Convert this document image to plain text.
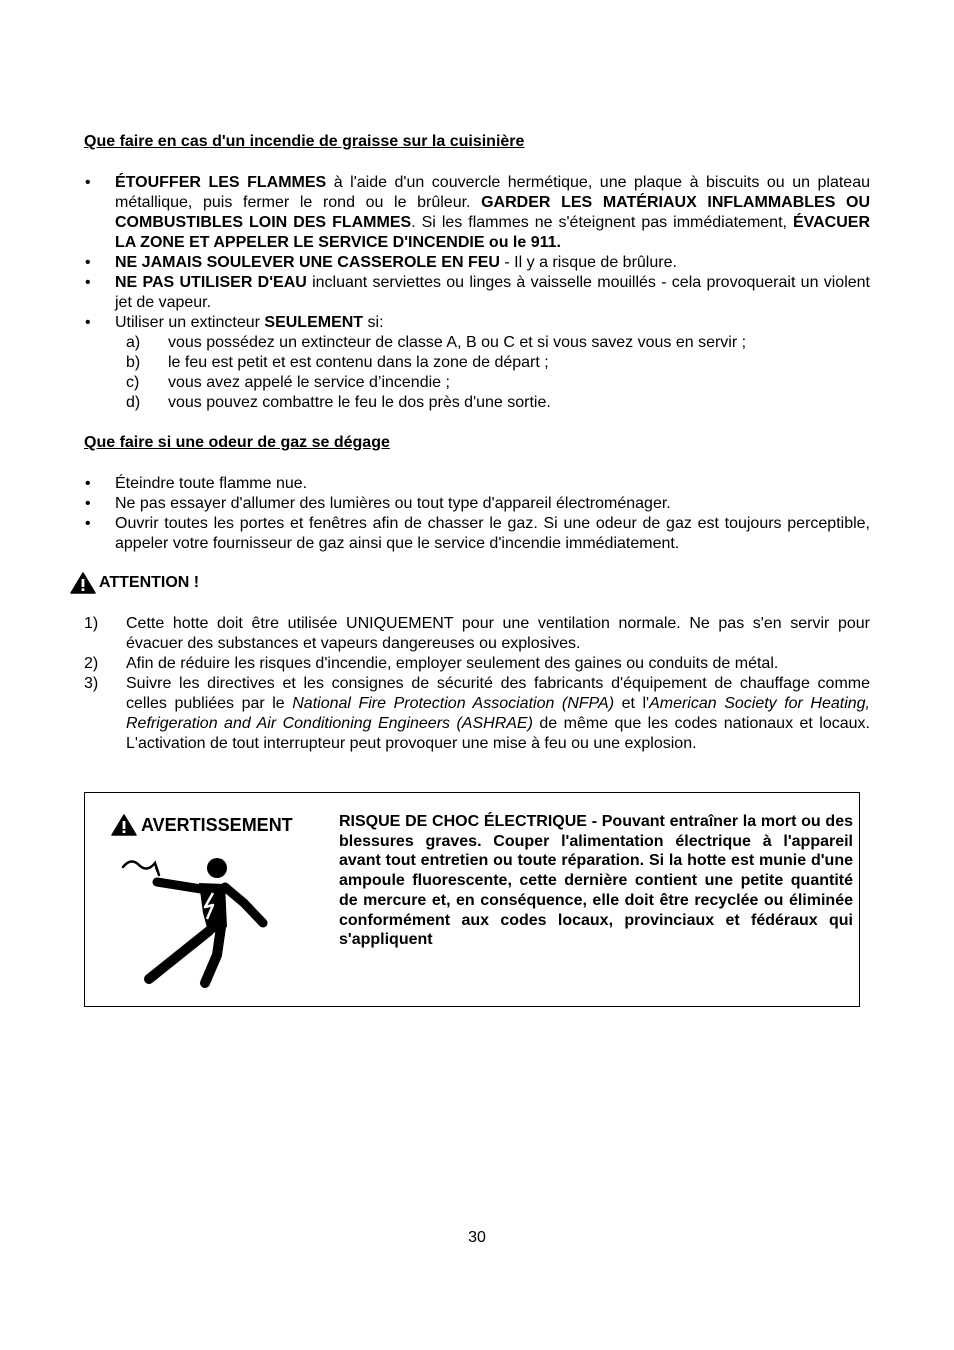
Que faire en cas d'un incendie de graisse sur la cuisinière
• ÉTOUFFER LES FLAMMES à l'aide d'un couvercle hermétique, une plaque à biscuits ou un plateau métallique, puis fermer le rond ou le brûleur. GARDER LES MATÉRIAUX INFLAMMABLES OU COMBUSTIBLES LOIN DES FLAMMES. Si les flammes ne s'éteignent pas immédiatement, ÉVACUER LA ZONE ET APPELER LE SERVICE D'INCENDIE ou le 911.
• NE JAMAIS SOULEVER UNE CASSEROLE EN FEU - Il y a risque de brûlure.
• NE PAS UTILISER D'EAU incluant serviettes ou linges à vaisselle mouillés - cela provoquerait un violent jet de vapeur.
• Utiliser un extincteur SEULEMENT si:
a) vous possédez un extincteur de classe A, B ou C et si vous savez vous en servir ;
b) le feu est petit et est contenu dans la zone de départ ;
c) vous avez appelé le service d’incendie ;
d) vous pouvez combattre le feu le dos près d'une sortie.
Que faire si une odeur de gaz se dégage
• Éteindre toute flamme nue.
• Ne pas essayer d'allumer des lumières ou tout type d'appareil électroménager.
• Ouvrir toutes les portes et fenêtres afin de chasser le gaz. Si une odeur de gaz est toujours perceptible, appeler votre fournisseur de gaz ainsi que le service d'incendie immédiatement.
ATTENTION !
1) Cette hotte doit être utilisée UNIQUEMENT pour une ventilation normale. Ne pas s'en servir pour évacuer des substances et vapeurs dangereuses ou explosives.
2) Afin de réduire les risques d'incendie, employer seulement des gaines ou conduits de métal.
3) Suivre les directives et les consignes de sécurité des fabricants d'équipement de chauffage comme celles publiées par le National Fire Protection Association (NFPA) et l'American Society for Heating, Refrigeration and Air Conditioning Engineers (ASHRAE) de même que les codes nationaux et locaux. L'activation de tout interrupteur peut provoquer une mise à feu ou une explosion.
AVERTISSEMENT	RISQUE DE CHOC ÉLECTRIQUE - Pouvant entraîner la mort ou des blessures graves. Couper l'alimentation électrique à l'appareil avant tout entretien ou toute réparation. Si la hotte est munie d'une ampoule fluorescente, cette dernière contient une petite quantité de mercure et, en conséquence, elle doit être recyclée ou éliminée conformément aux codes locaux, provinciaux et fédéraux qui s'appliquent

30
